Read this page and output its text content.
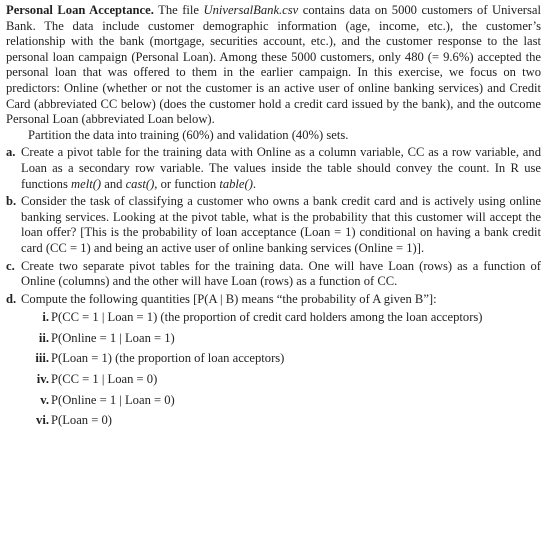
Personal Loan Acceptance. The file UniversalBank.csv contains data on 5000 customers of Universal Bank. The data include customer demographic information (age, income, etc.), the customer’s relationship with the bank (mortgage, securities account, etc.), and the customer response to the last personal loan campaign (Personal Loan). Among these 5000 customers, only 480 (= 9.6%) accepted the personal loan that was offered to them in the earlier campaign. In this exercise, we focus on two predictors: Online (whether or not the customer is an active user of online banking services) and Credit Card (abbreviated CC below) (does the customer hold a credit card issued by the bank), and the outcome Personal Loan (abbreviated Loan below).

Partition the data into training (60%) and validation (40%) sets.

a. Create a pivot table for the training data with Online as a column variable, CC as a row variable, and Loan as a secondary row variable. The values inside the table should convey the count. In R use functions melt() and cast(), or function table().
b. Consider the task of classifying a customer who owns a bank credit card and is actively using online banking services. Looking at the pivot table, what is the probability that this customer will accept the loan offer? [This is the probability of loan acceptance (Loan = 1) conditional on having a bank credit card (CC = 1) and being an active user of online banking services (Online = 1)].
c. Create two separate pivot tables for the training data. One will have Loan (rows) as a function of Online (columns) and the other will have Loan (rows) as a function of CC.
d. Compute the following quantities [P(A | B) means “the probability of A given B”]:
i. P(CC = 1 | Loan = 1) (the proportion of credit card holders among the loan acceptors)
ii. P(Online = 1 | Loan = 1)
iii. P(Loan = 1) (the proportion of loan acceptors)
iv. P(CC = 1 | Loan = 0)
v. P(Online = 1 | Loan = 0)
vi. P(Loan = 0)
